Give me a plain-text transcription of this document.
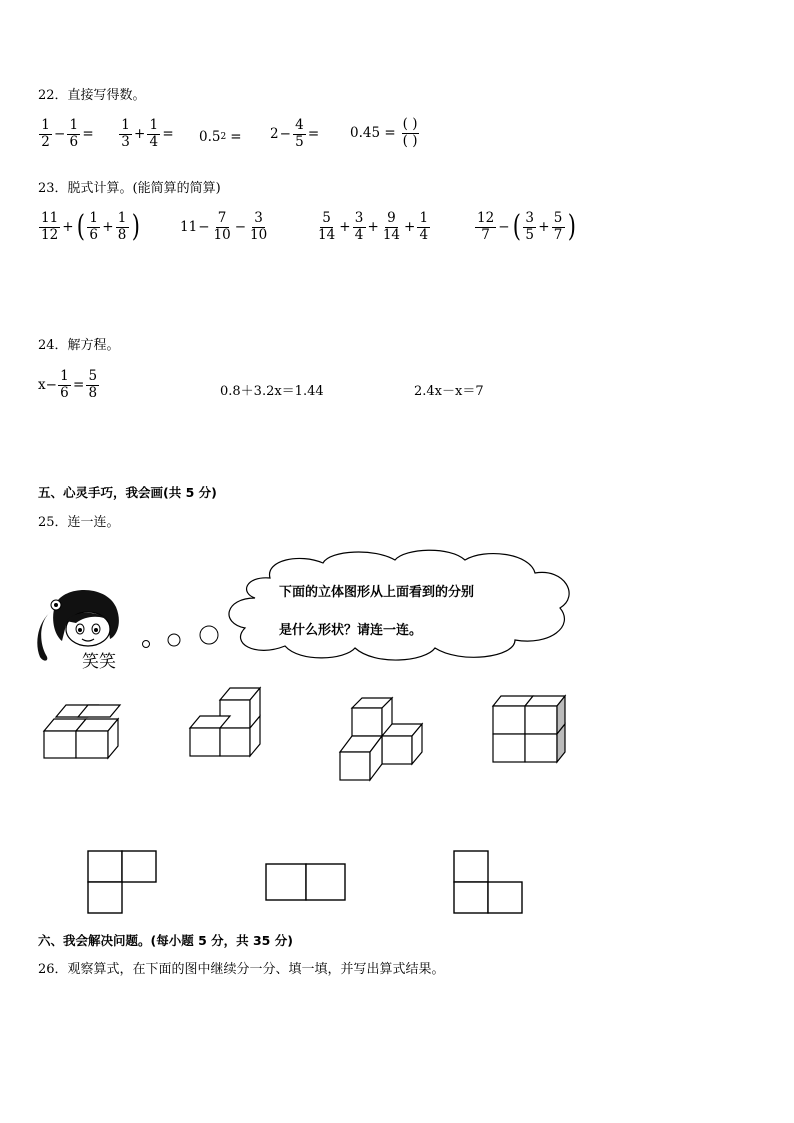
22．直接写得数。
$\frac{1}{2} - \frac{1}{6} = \frac{1}{3} + \frac{1}{4} = 0.5$ $2 = 2 - \frac{4}{5} = 0.45 = \frac{( )}{( )}$
23．脱式计算。(能简算的简算)
$\frac{11}{12}$ + ( $\frac{1}{6} + \frac{1}{8}$ )	$11 - \frac{7}{10} - \frac{3}{10}$	$\frac{5}{14} + \frac{3}{4} + \frac{9}{14} + \frac{1}{4}$	$\frac{12}{7}$ − ( $\frac{3}{5} + \frac{5}{7}$ )
24．解方程。
$x- \frac{1}{6} = \frac{5}{8}$	0.8＋3.2x＝1.44	2.4x－x＝7
五、心灵手巧，我会画(共 5 分)
25．连一连。
下面的立体图形从上面看到的分别
是什么形状？请连一连。
笑笑
六、我会解决问题。(每小题 5 分，共 35 分)
26．观察算式，在下面的图中继续分一分、填一填，并写出算式结果。
